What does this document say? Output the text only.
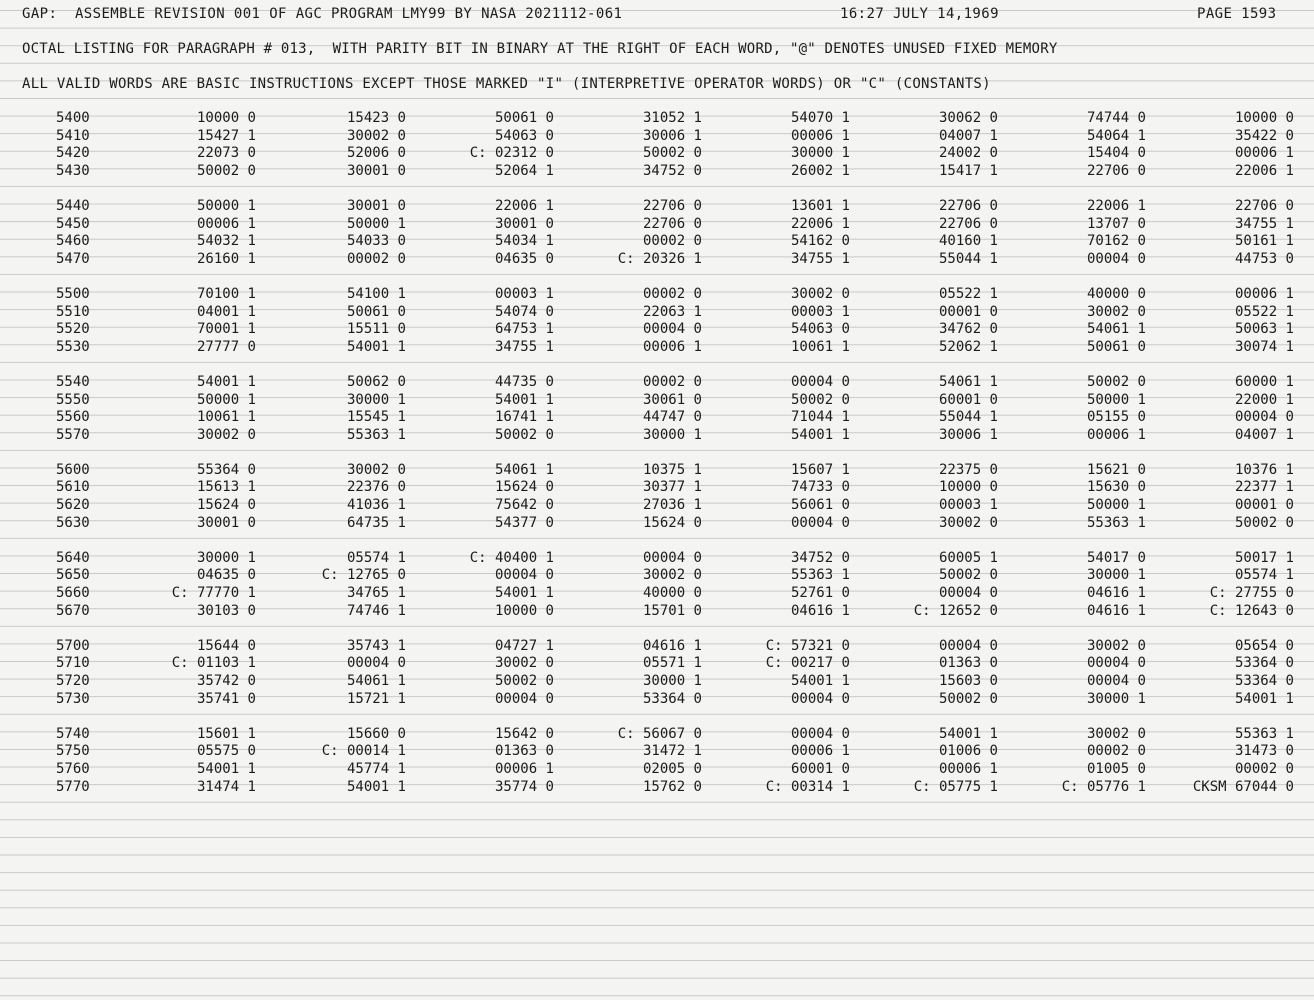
GAP:  ASSEMBLE REVISION 001 OF AGC PROGRAM LMY99 BY NASA 2021112-061	16:27 JULY 14,1969	PAGE 1593
OCTAL LISTING FOR PARAGRAPH # 013,  WITH PARITY BIT IN BINARY AT THE RIGHT OF EACH WORD, "@" DENOTES UNUSED FIXED MEMORY
ALL VALID WORDS ARE BASIC INSTRUCTIONS EXCEPT THOSE MARKED "I" (INTERPRETIVE OPERATOR WORDS) OR "C" (CONSTANTS)
5400	10000 0	15423 0	50061 0	31052 1	54070 1	30062 0	74744 0	10000 0
5410	15427 1	30002 0	54063 0	30006 1	00006 1	04007 1	54064 1	35422 0
5420	22073 0	52006 0	C: 02312 0	50002 0	30000 1	24002 0	15404 0	00006 1
5430	50002 0	30001 0	52064 1	34752 0	26002 1	15417 1	22706 0	22006 1
5440	50000 1	30001 0	22006 1	22706 0	13601 1	22706 0	22006 1	22706 0
5450	00006 1	50000 1	30001 0	22706 0	22006 1	22706 0	13707 0	34755 1
5460	54032 1	54033 0	54034 1	00002 0	54162 0	40160 1	70162 0	50161 1
5470	26160 1	00002 0	04635 0	C: 20326 1	34755 1	55044 1	00004 0	44753 0
5500	70100 1	54100 1	00003 1	00002 0	30002 0	05522 1	40000 0	00006 1
5510	04001 1	50061 0	54074 0	22063 1	00003 1	00001 0	30002 0	05522 1
5520	70001 1	15511 0	64753 1	00004 0	54063 0	34762 0	54061 1	50063 1
5530	27777 0	54001 1	34755 1	00006 1	10061 1	52062 1	50061 0	30074 1
5540	54001 1	50062 0	44735 0	00002 0	00004 0	54061 1	50002 0	60000 1
5550	50000 1	30000 1	54001 1	30061 0	50002 0	60001 0	50000 1	22000 1
5560	10061 1	15545 1	16741 1	44747 0	71044 1	55044 1	05155 0	00004 0
5570	30002 0	55363 1	50002 0	30000 1	54001 1	30006 1	00006 1	04007 1
5600	55364 0	30002 0	54061 1	10375 1	15607 1	22375 0	15621 0	10376 1
5610	15613 1	22376 0	15624 0	30377 1	74733 0	10000 0	15630 0	22377 1
5620	15624 0	41036 1	75642 0	27036 1	56061 0	00003 1	50000 1	00001 0
5630	30001 0	64735 1	54377 0	15624 0	00004 0	30002 0	55363 1	50002 0
5640	30000 1	05574 1	C: 40400 1	00004 0	34752 0	60005 1	54017 0	50017 1
5650	04635 0	C: 12765 0	00004 0	30002 0	55363 1	50002 0	30000 1	05574 1
5660	C: 77770 1	34765 1	54001 1	40000 0	52761 0	00004 0	04616 1	C: 27755 0
5670	30103 0	74746 1	10000 0	15701 0	04616 1	C: 12652 0	04616 1	C: 12643 0
5700	15644 0	35743 1	04727 1	04616 1	C: 57321 0	00004 0	30002 0	05654 0
5710	C: 01103 1	00004 0	30002 0	05571 1	C: 00217 0	01363 0	00004 0	53364 0
5720	35742 0	54061 1	50002 0	30000 1	54001 1	15603 0	00004 0	53364 0
5730	35741 0	15721 1	00004 0	53364 0	00004 0	50002 0	30000 1	54001 1
5740	15601 1	15660 0	15642 0	C: 56067 0	00004 0	54001 1	30002 0	55363 1
5750	05575 0	C: 00014 1	01363 0	31472 1	00006 1	01006 0	00002 0	31473 0
5760	54001 1	45774 1	00006 1	02005 0	60001 0	00006 1	01005 0	00002 0
5770	31474 1	54001 1	35774 0	15762 0	C: 00314 1	C: 05775 1	C: 05776 1	CKSM 67044 0
